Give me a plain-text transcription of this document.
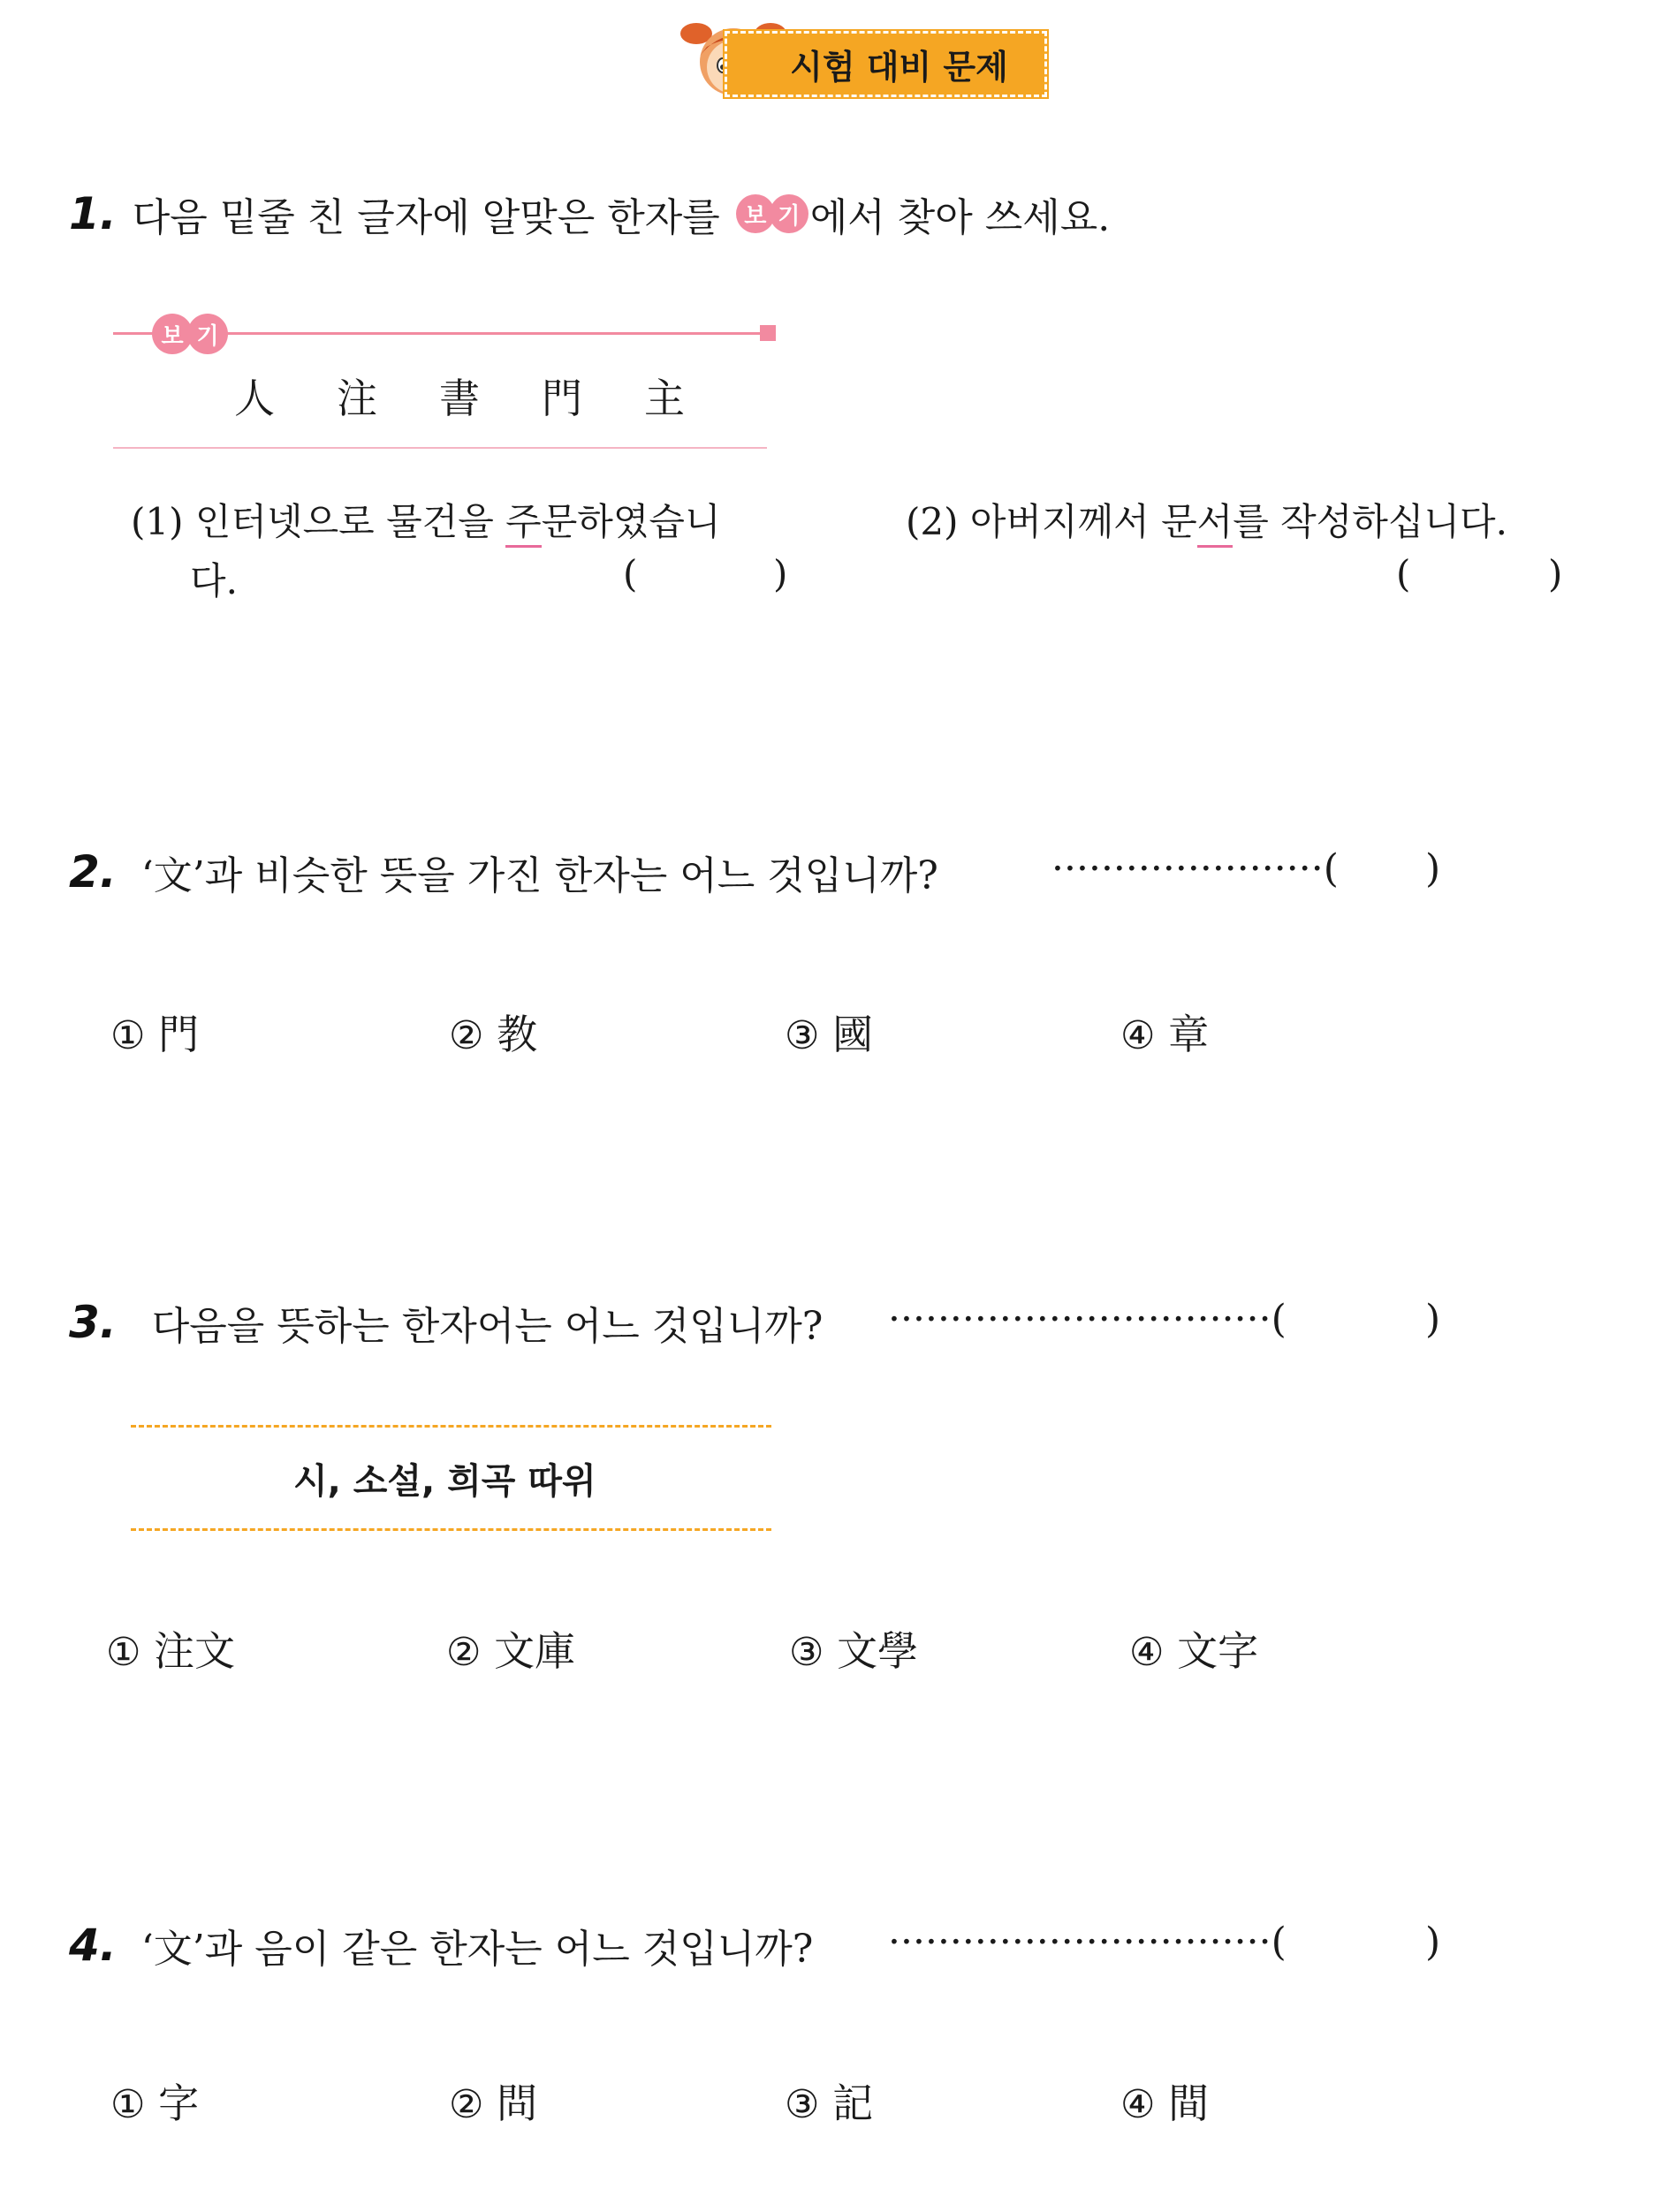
시험 대비 문제
1. 다음 밑줄 친 글자에 알맞은 한자를	보 기 에서 찾아 쓰세요.
보 기
人 注 書 門 主
(1) 인터넷으로 물건을 주문하였습니
다.	(	)
(2) 아버지께서 문서를 작성하십니다.
(	)
2. ‘文’과 비슷한 뜻을 가진 한자는 어느 것입니까?	······················( )
① 門	② 教	③ 國	④ 章
3. 다음을 뜻하는 한자어는 어느 것입니까? ·······························(	)
시, 소설, 희곡 따위
① 注文	② 文庫	③ 文學	④ 文字
4. ‘文’과 음이 같은 한자는 어느 것입니까? ·······························(	)
① 字	② 問	③ 記	④ 間
